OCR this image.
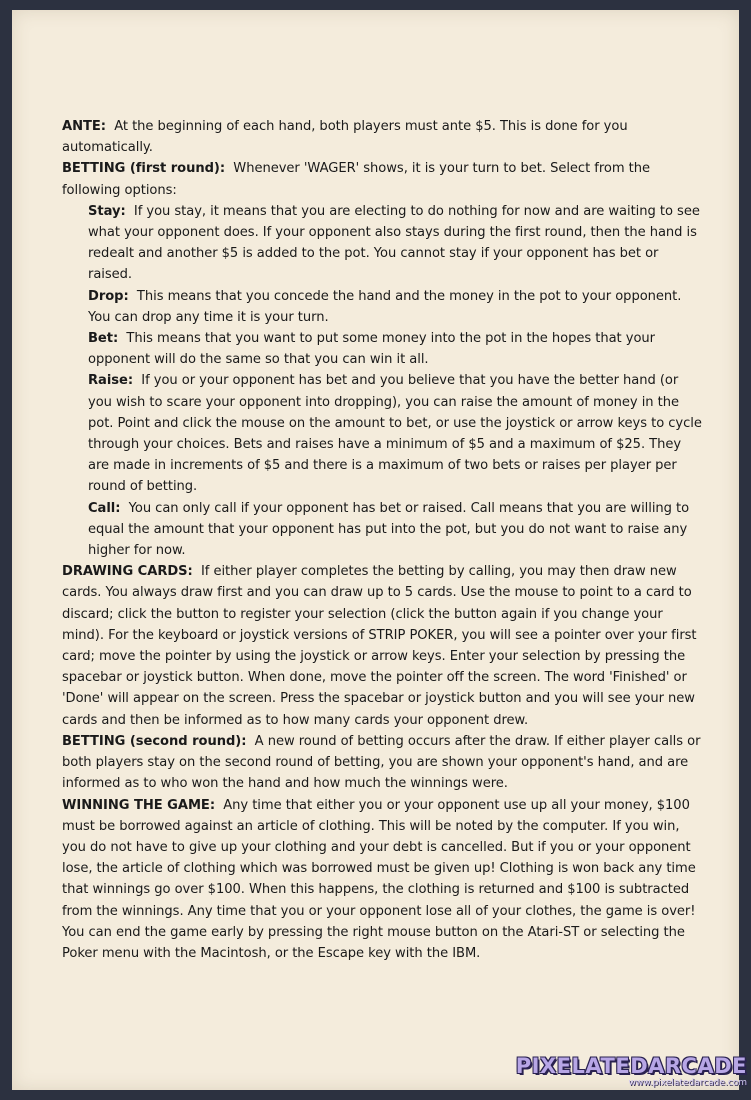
ANTE: At the beginning of each hand, both players must ante $5. This is done for you automatically.

BETTING (first round): Whenever 'WAGER' shows, it is your turn to bet. Select from the following options:

Stay: If you stay, it means that you are electing to do nothing for now and are waiting to see what your opponent does. If your opponent also stays during the first round, then the hand is redealt and another $5 is added to the pot. You cannot stay if your opponent has bet or raised.

Drop: This means that you concede the hand and the money in the pot to your opponent. You can drop any time it is your turn.

Bet: This means that you want to put some money into the pot in the hopes that your opponent will do the same so that you can win it all.

Raise: If you or your opponent has bet and you believe that you have the better hand (or you wish to scare your opponent into dropping), you can raise the amount of money in the pot. Point and click the mouse on the amount to bet, or use the joystick or arrow keys to cycle through your choices. Bets and raises have a minimum of $5 and a maximum of $25. They are made in increments of $5 and there is a maximum of two bets or raises per player per round of betting.

Call: You can only call if your opponent has bet or raised. Call means that you are willing to equal the amount that your opponent has put into the pot, but you do not want to raise any higher for now.

DRAWING CARDS: If either player completes the betting by calling, you may then draw new cards. You always draw first and you can draw up to 5 cards. Use the mouse to point to a card to discard; click the button to register your selection (click the button again if you change your mind). For the keyboard or joystick versions of STRIP POKER, you will see a pointer over your first card; move the pointer by using the joystick or arrow keys. Enter your selection by pressing the spacebar or joystick button. When done, move the pointer off the screen. The word 'Finished' or 'Done' will appear on the screen. Press the spacebar or joystick button and you will see your new cards and then be informed as to how many cards your opponent drew.

BETTING (second round): A new round of betting occurs after the draw. If either player calls or both players stay on the second round of betting, you are shown your opponent's hand, and are informed as to who won the hand and how much the winnings were.

WINNING THE GAME: Any time that either you or your opponent use up all your money, $100 must be borrowed against an article of clothing. This will be noted by the computer. If you win, you do not have to give up your clothing and your debt is cancelled. But if you or your opponent lose, the article of clothing which was borrowed must be given up! Clothing is won back any time that winnings go over $100. When this happens, the clothing is returned and $100 is subtracted from the winnings. Any time that you or your opponent lose all of your clothes, the game is over! You can end the game early by pressing the right mouse button on the Atari-ST or selecting the Poker menu with the Macintosh, or the Escape key with the IBM.

PIXELATEDARCADE
www.pixelatedarcade.com
